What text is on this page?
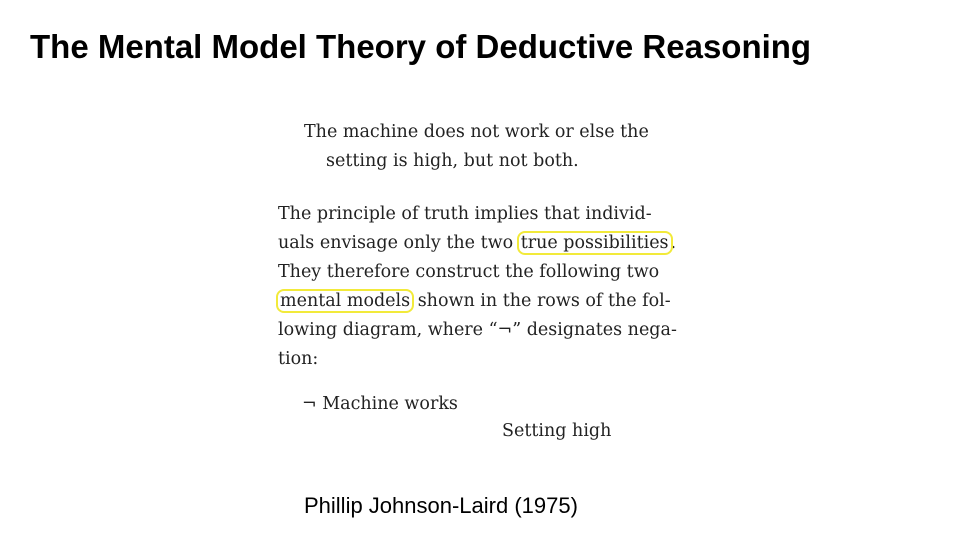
The Mental Model Theory of Deductive Reasoning
The machine does not work or else the
setting is high, but not both.
The principle of truth implies that individ-
uals envisage only the two true possibilities .
They therefore construct the following two
mental models shown in the rows of the fol-
lowing diagram, where “¬” designates nega-
tion:
¬ Machine works
Setting high
Phillip Johnson-Laird (1975)
